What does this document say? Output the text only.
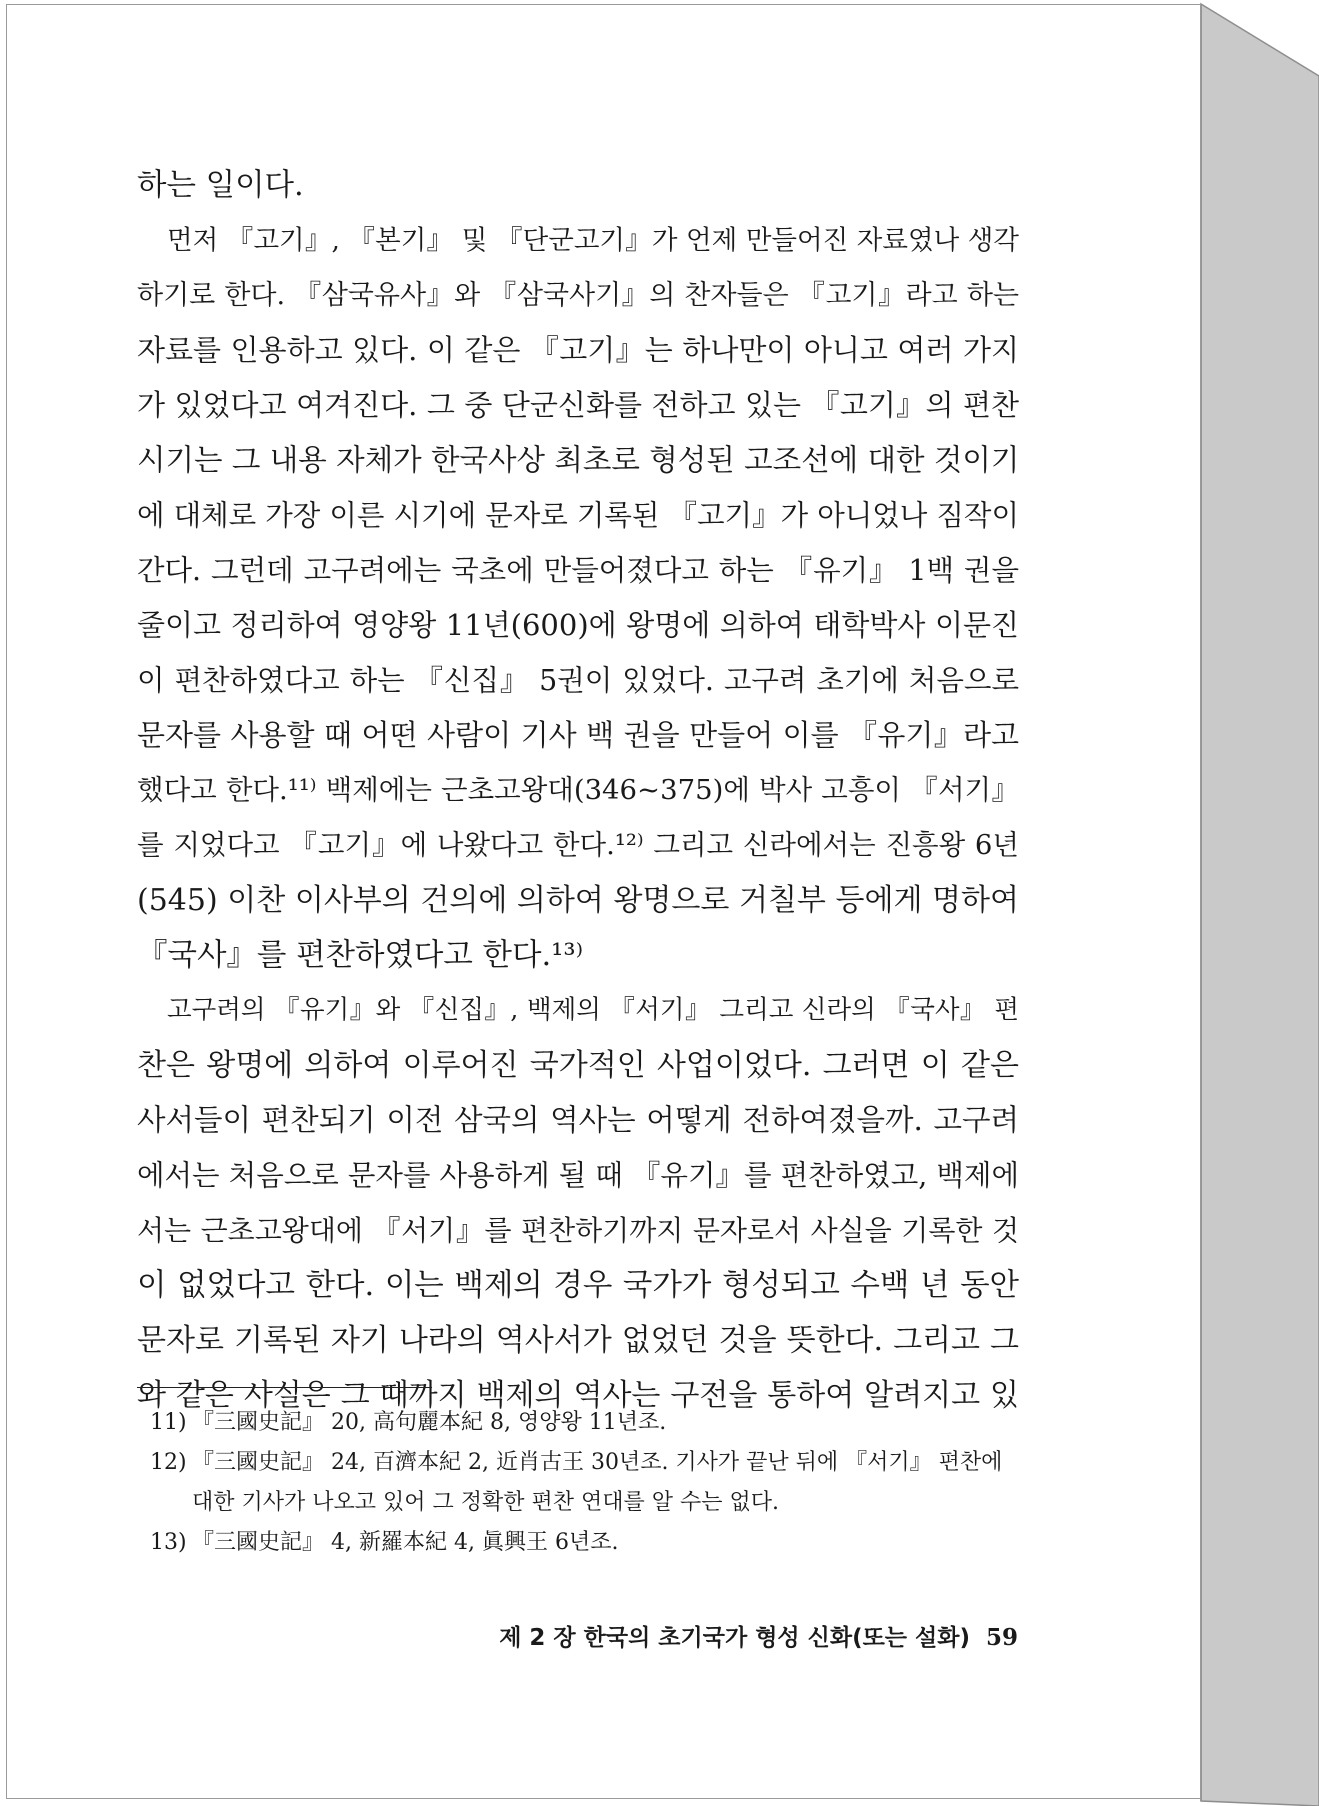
하는 일이다.
먼저 『고기』, 『본기』 및 『단군고기』가 언제 만들어진 자료였나 생각
하기로 한다. 『삼국유사』와 『삼국사기』의 찬자들은 『고기』라고 하는
자료를 인용하고 있다. 이 같은 『고기』는 하나만이 아니고 여러 가지
가 있었다고 여겨진다. 그 중 단군신화를 전하고 있는 『고기』의 편찬
시기는 그 내용 자체가 한국사상 최초로 형성된 고조선에 대한 것이기
에 대체로 가장 이른 시기에 문자로 기록된 『고기』가 아니었나 짐작이
간다. 그런데 고구려에는 국초에 만들어졌다고 하는 『유기』 1백 권을
줄이고 정리하여 영양왕 11년(600)에 왕명에 의하여 태학박사 이문진
이 편찬하였다고 하는 『신집』 5권이 있었다. 고구려 초기에 처음으로
문자를 사용할 때 어떤 사람이 기사 백 권을 만들어 이를 『유기』라고
했다고 한다.¹¹⁾ 백제에는 근초고왕대(346~375)에 박사 고흥이 『서기』
를 지었다고 『고기』에 나왔다고 한다.¹²⁾ 그리고 신라에서는 진흥왕 6년
(545) 이찬 이사부의 건의에 의하여 왕명으로 거칠부 등에게 명하여
『국사』를 편찬하였다고 한다.¹³⁾
고구려의 『유기』와 『신집』, 백제의 『서기』 그리고 신라의 『국사』 편
찬은 왕명에 의하여 이루어진 국가적인 사업이었다. 그러면 이 같은
사서들이 편찬되기 이전 삼국의 역사는 어떻게 전하여졌을까. 고구려
에서는 처음으로 문자를 사용하게 될 때 『유기』를 편찬하였고, 백제에
서는 근초고왕대에 『서기』를 편찬하기까지 문자로서 사실을 기록한 것
이 없었다고 한다. 이는 백제의 경우 국가가 형성되고 수백 년 동안
문자로 기록된 자기 나라의 역사서가 없었던 것을 뜻한다. 그리고 그
와 같은 사실은 그 때까지 백제의 역사는 구전을 통하여 알려지고 있
11) 『三國史記』 20, 高句麗本紀 8, 영양왕 11년조.
12) 『三國史記』 24, 百濟本紀 2, 近肖古王 30년조. 기사가 끝난 뒤에 『서기』 편찬에
대한 기사가 나오고 있어 그 정확한 편찬 연대를 알 수는 없다.
13) 『三國史記』 4, 新羅本紀 4, 眞興王 6년조.
제 2 장 한국의 초기국가 형성 신화(또는 설화) 59
